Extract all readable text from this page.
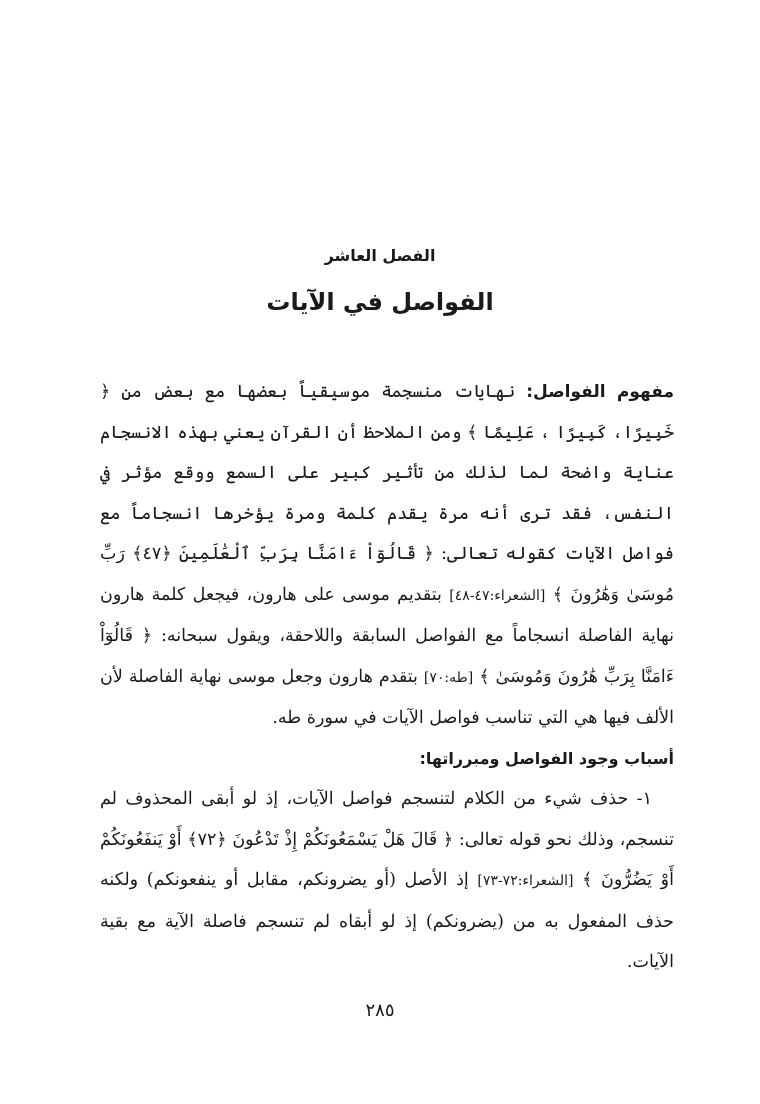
الفصل العاشر
الفواصل في الآيات

مفهوم الفواصل: نهايات منسجمة موسيقياً بعضها مع بعض من ﴿ خَبِيرًا، كَبِيرًا ، عَلِيمًا ﴾ ومن الملاحظ أن القرآن يعني بهذه الانسجام عناية واضحة لما لذلك من تأثير كبير على السمع ووقع مؤثر في النفس، فقد ترى أنه مرة يقدم كلمة ومرة يؤخرها انسجاماً مع فواصل الآيات كقوله تعالى: ﴿ قَالُوٓاْ ءَامَنَّا بِرَبِّ ٱلْعَٰلَمِينَ ﴿٤٧﴾ رَبِّ مُوسَىٰ وَهَٰرُونَ ﴾ [الشعراء:٤٧-٤٨] بتقديم موسى على هارون، فيجعل كلمة هارون نهاية الفاصلة انسجاماً مع الفواصل السابقة واللاحقة، ويقول سبحانه: ﴿ قَالُوٓاْ ءَامَنَّا بِرَبِّ هَٰرُونَ وَمُوسَىٰ ﴾ [طه:٧٠] بتقدم هارون وجعل موسى نهاية الفاصلة لأن الألف فيها هي التي تناسب فواصل الآيات في سورة طه.

أسباب وجود الفواصل ومبرراتها:

١- حذف شيء من الكلام لتنسجم فواصل الآيات، إذ لو أبقى المحذوف لم تنسجم، وذلك نحو قوله تعالى: ﴿ قَالَ هَلْ يَسْمَعُونَكُمْ إِذْ تَدْعُونَ ﴿٧٢﴾ أَوْ يَنفَعُونَكُمْ أَوْ يَضُرُّونَ ﴾ [الشعراء:٧٢-٧٣] إذ الأصل (أو يضرونكم، مقابل أو ينفعونكم) ولكنه حذف المفعول به من (يضرونكم) إذ لو أبقاه لم تنسجم فاصلة الآية مع بقية الآيات.

٢٨٥
